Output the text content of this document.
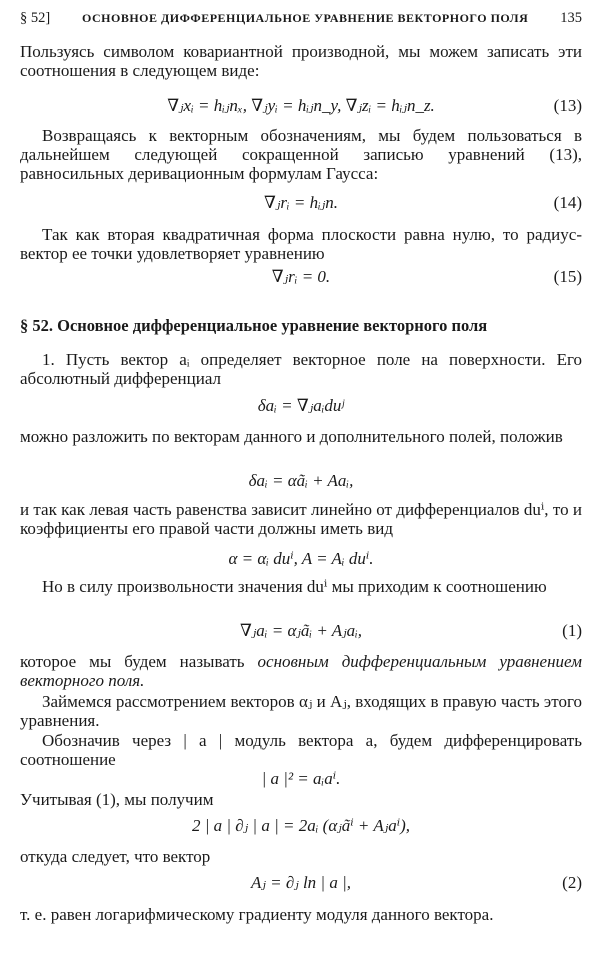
§ 52]	ОСНОВНОЕ ДИФФЕРЕНЦИАЛЬНОЕ УРАВНЕНИЕ ВЕКТОРНОГО ПОЛЯ 135
Пользуясь символом ковариантной производной, мы можем записать эти соотношения в следующем виде:
∇ⱼxᵢ = hᵢⱼnₓ, ∇ⱼyᵢ = hᵢⱼn_y, ∇ⱼzᵢ = hᵢⱼn_z.	(13)
Возвращаясь к векторным обозначениям, мы будем пользоваться в дальнейшем следующей сокращенной записью уравнений (13), равносильных деривационным формулам Гаусса:
∇ⱼrᵢ = hᵢⱼn.	(14)
Так как вторая квадратичная форма плоскости равна нулю, то радиус-вектор ее точки удовлетворяет уравнению
∇ⱼrᵢ = 0.	(15)
§ 52. Основное дифференциальное уравнение векторного поля
1. Пусть вектор aᵢ определяет векторное поле на поверхности. Его абсолютный дифференциал
δaᵢ = ∇ⱼaᵢduʲ
можно разложить по векторам данного и дополнительного полей, положив
δaᵢ = αãᵢ + Aaᵢ,
и так как левая часть равенства зависит линейно от дифференциалов duⁱ, то и коэффициенты его правой части должны иметь вид
α = αᵢ duⁱ, A = Aᵢ duⁱ.
Но в силу произвольности значения duⁱ мы приходим к соотношению
∇ⱼaᵢ = αⱼãᵢ + Aⱼaᵢ,	(1)
которое мы будем называть основным дифференциальным уравнением векторного поля.
Займемся рассмотрением векторов αⱼ и Aⱼ, входящих в правую часть этого уравнения.
Обозначив через | a | модуль вектора a, будем дифференцировать соотношение
| a |² = aᵢaⁱ.
Учитывая (1), мы получим
2 | a | ∂ⱼ | a | = 2aᵢ (αⱼãⁱ + Aⱼaⁱ),
откуда следует, что вектор
Aⱼ = ∂ⱼ ln | a |,	(2)
т. е. равен логарифмическому градиенту модуля данного вектора.
